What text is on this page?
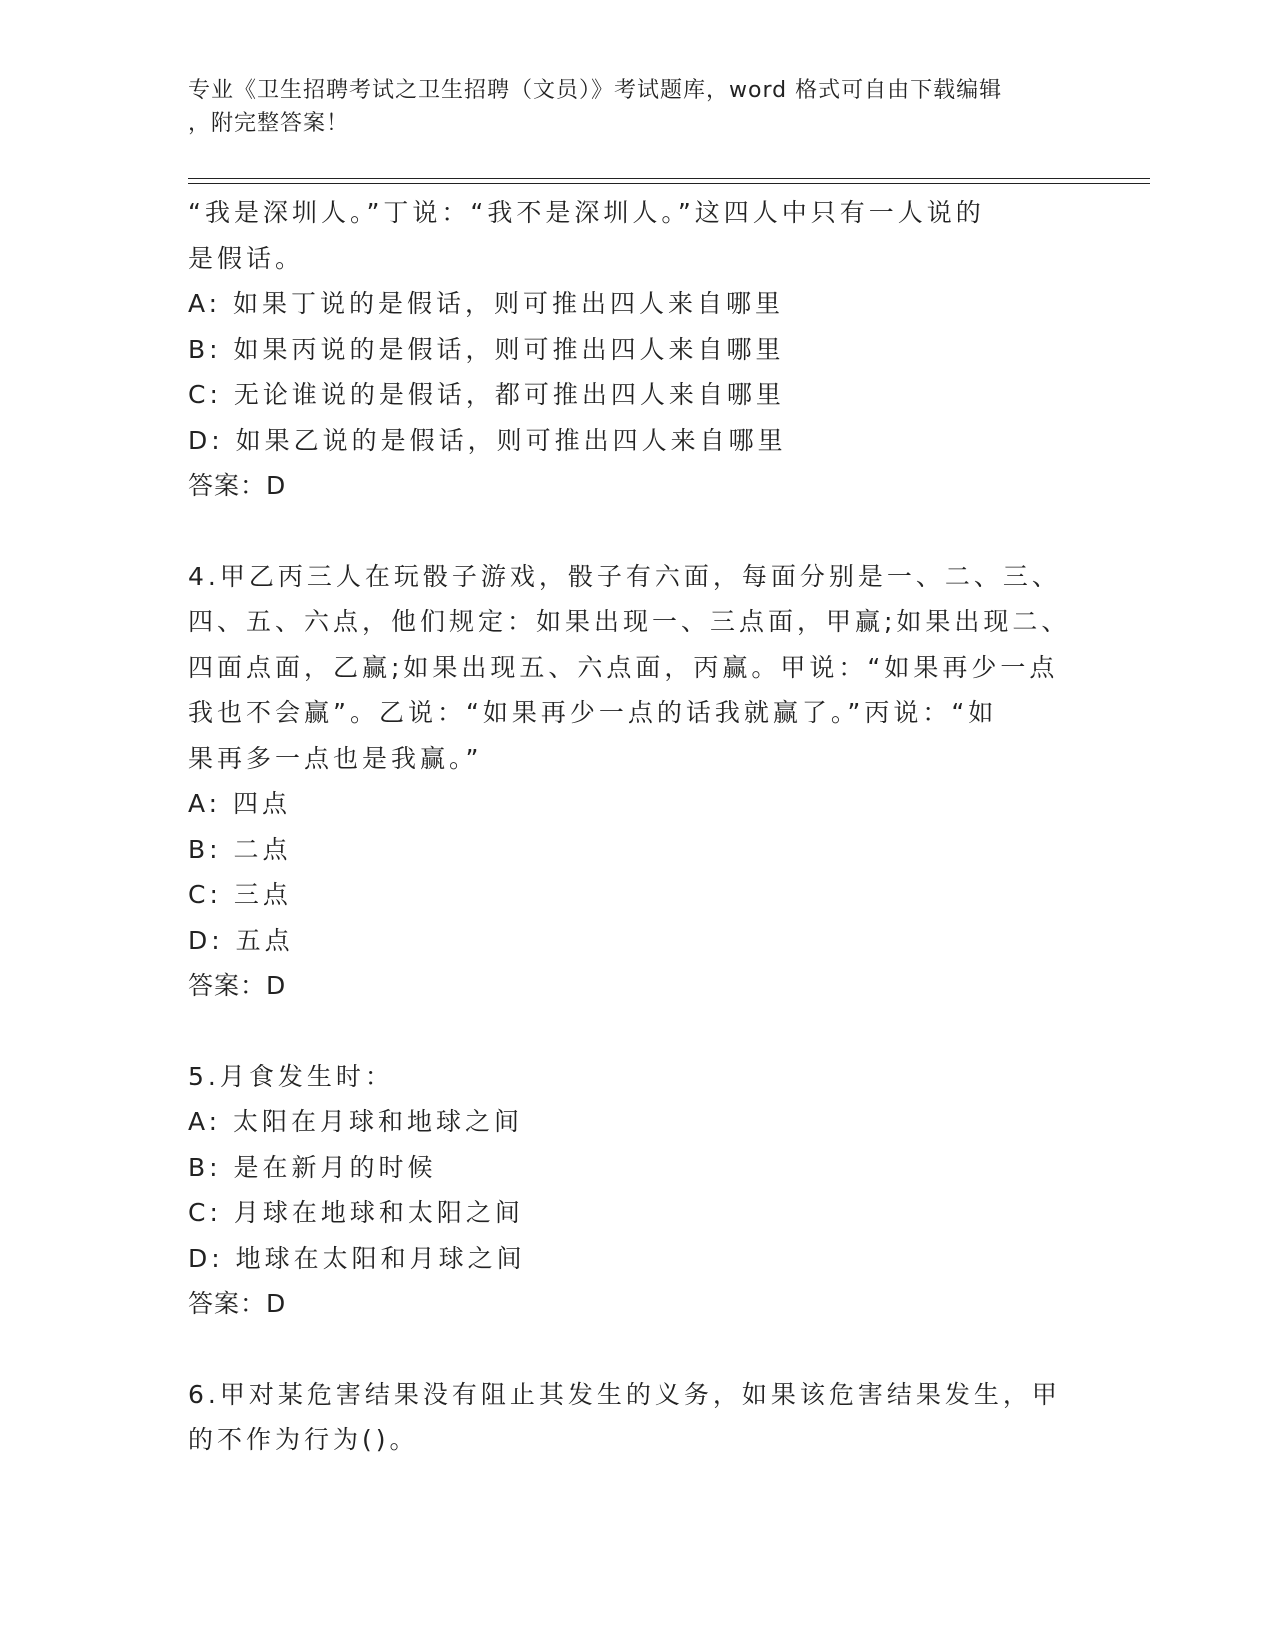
专业《卫生招聘考试之卫生招聘（文员）》考试题库，word 格式可自由下载编辑
，附完整答案！
“我是深圳人。”丁说：“我不是深圳人。”这四人中只有一人说的
是假话。
A: 如果丁说的是假话，则可推出四人来自哪里
B: 如果丙说的是假话，则可推出四人来自哪里
C: 无论谁说的是假话，都可推出四人来自哪里
D: 如果乙说的是假话，则可推出四人来自哪里
答案：D
4.甲乙丙三人在玩骰子游戏，骰子有六面，每面分别是一、二、三、
四、五、六点，他们规定：如果出现一、三点面，甲赢;如果出现二、
四面点面，乙赢;如果出现五、六点面，丙赢。甲说：“如果再少一点
我也不会赢”。乙说：“如果再少一点的话我就赢了。”丙说：“如
果再多一点也是我赢。”
A: 四点
B: 二点
C: 三点
D: 五点
答案：D
5.月食发生时：
A: 太阳在月球和地球之间
B: 是在新月的时候
C: 月球在地球和太阳之间
D: 地球在太阳和月球之间
答案：D
6.甲对某危害结果没有阻止其发生的义务，如果该危害结果发生，甲
的不作为行为()。
